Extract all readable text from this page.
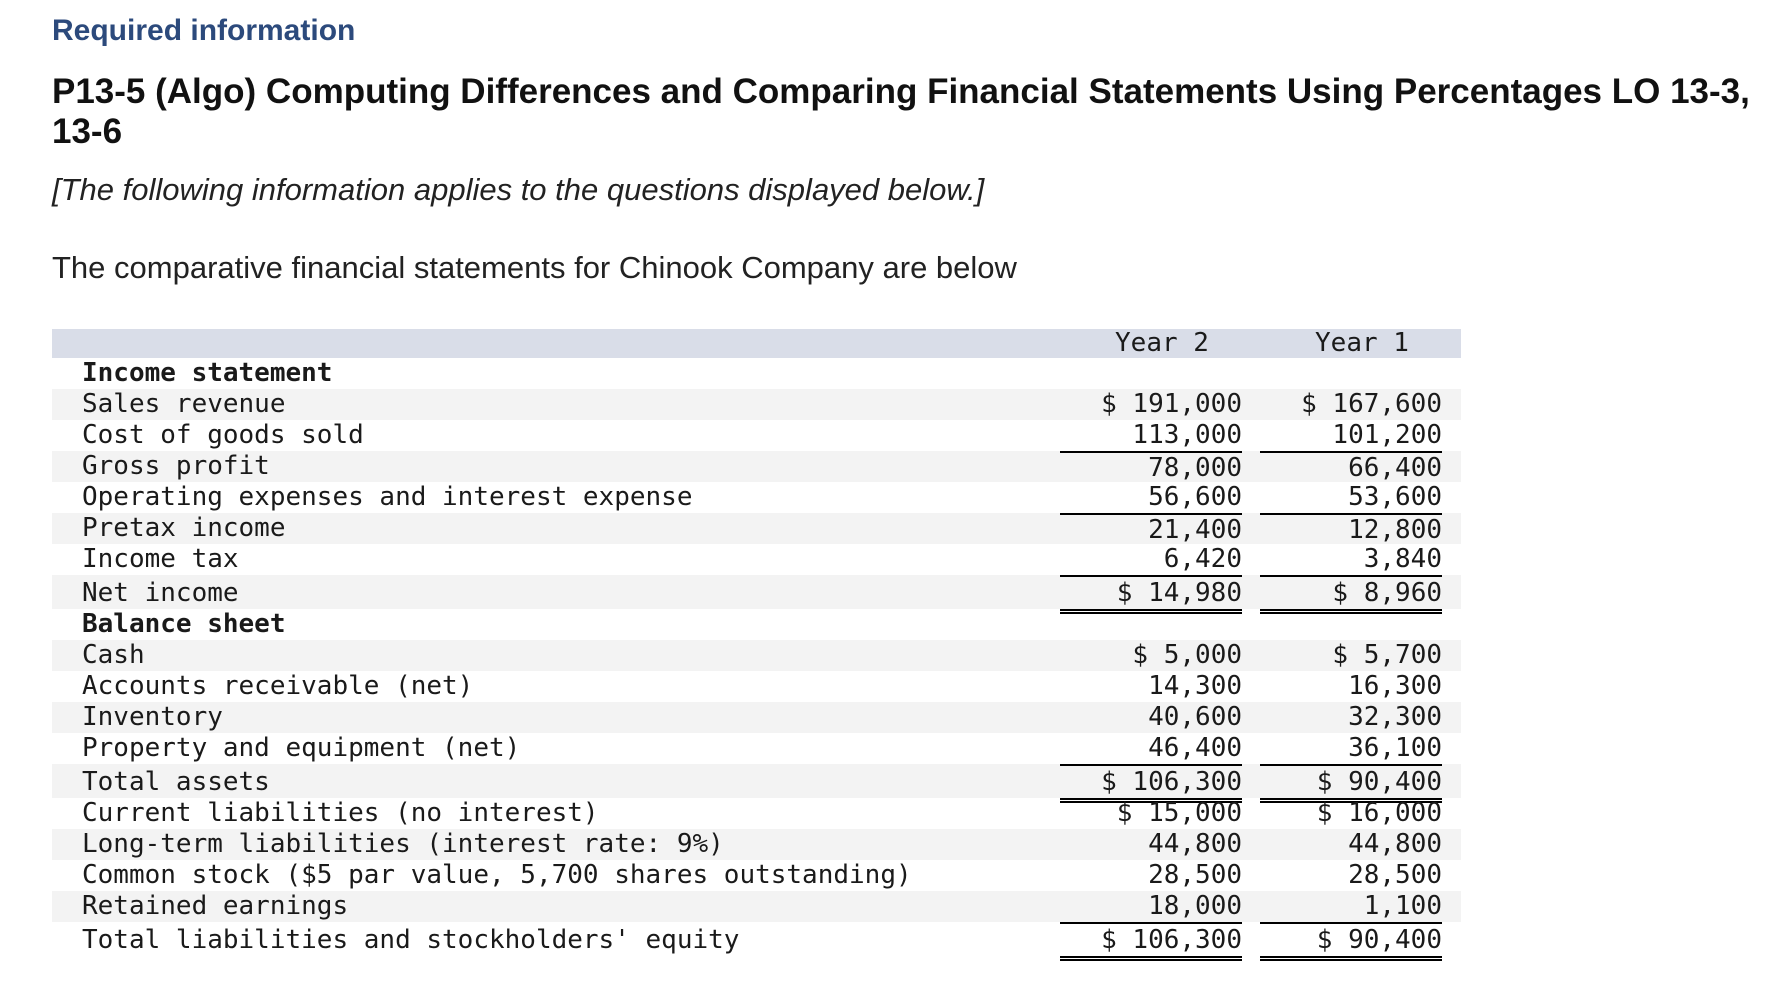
Required information
P13-5 (Algo) Computing Differences and Comparing Financial Statements Using Percentages LO 13-3, 13-6
[The following information applies to the questions displayed below.]
The comparative financial statements for Chinook Company are below
Year 2	Year 1
Income statement
Sales revenue	$ 191,000	$ 167,600
Cost of goods sold	113,000	101,200
Gross profit	78,000	66,400
Operating expenses and interest expense	56,600	53,600
Pretax income	21,400	12,800
Income tax	6,420	3,840
Net income	$ 14,980	$ 8,960
Balance sheet
Cash	$ 5,000	$ 5,700
Accounts receivable (net)	14,300	16,300
Inventory	40,600	32,300
Property and equipment (net)	46,400	36,100
Total assets	$ 106,300	$ 90,400
Current liabilities (no interest)	$ 15,000	$ 16,000
Long-term liabilities (interest rate: 9%)	44,800	44,800
Common stock ($5 par value, 5,700 shares outstanding)	28,500	28,500
Retained earnings	18,000	1,100
Total liabilities and stockholders' equity	$ 106,300	$ 90,400
